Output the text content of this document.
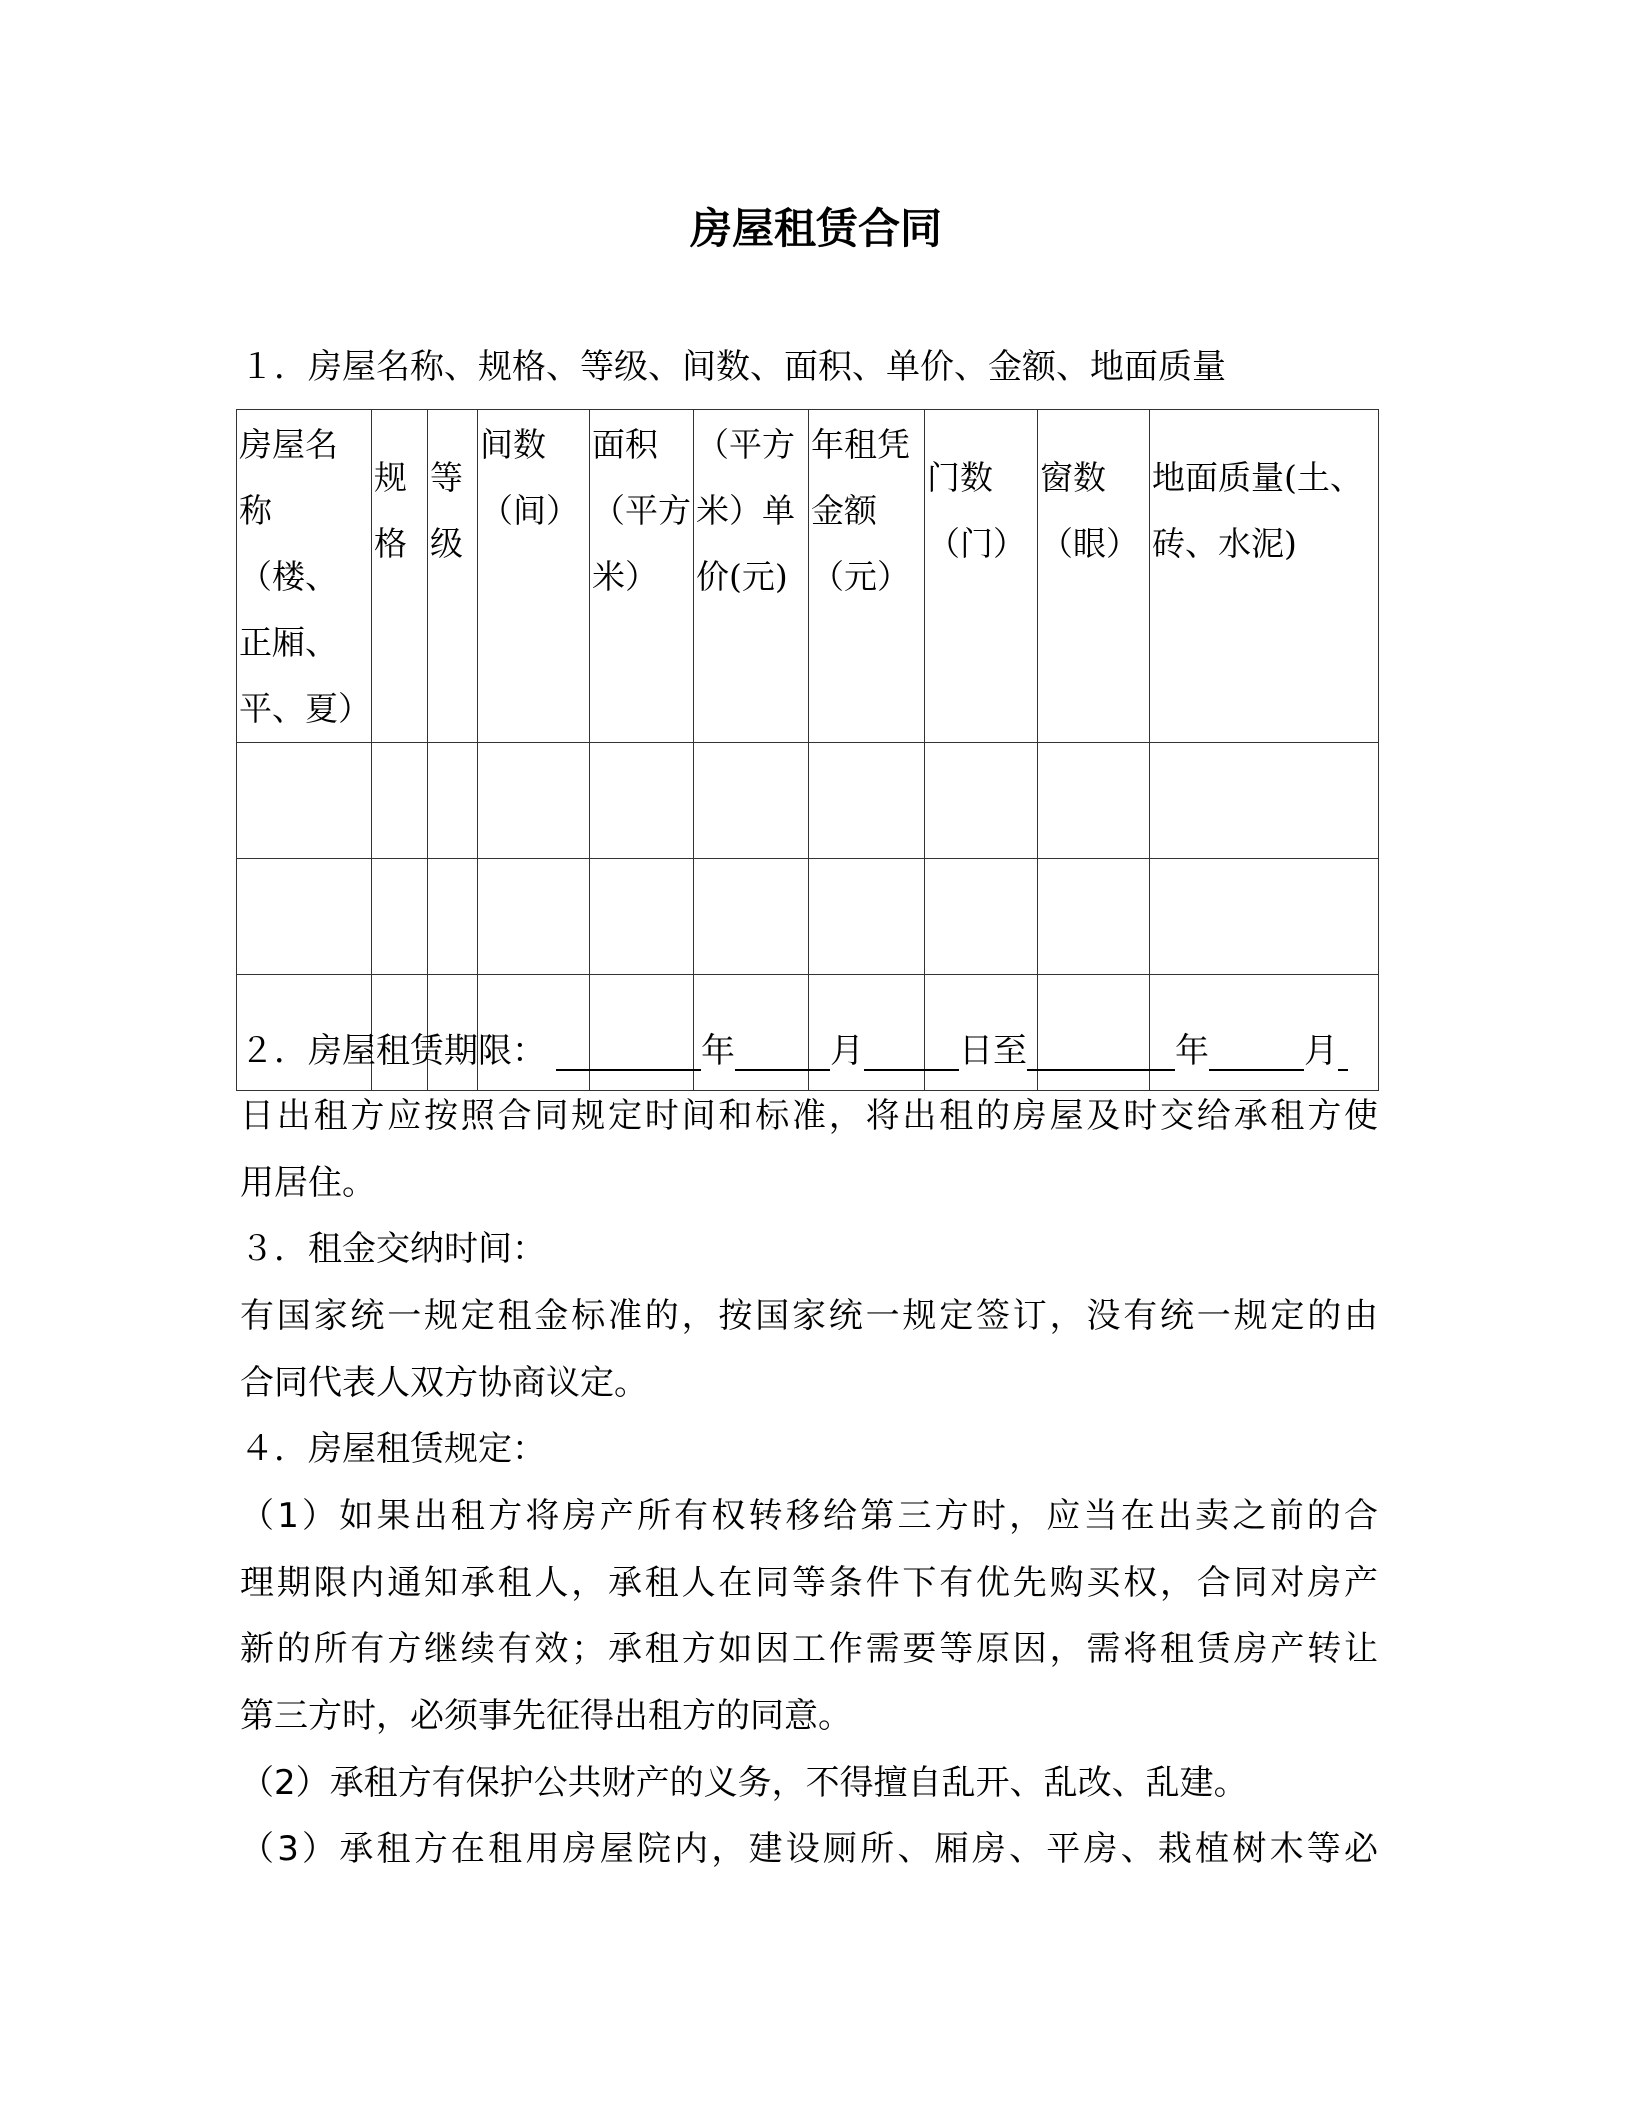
房屋租赁合同
１．房屋名称、规格、等级、间数、面积、单价、金额、地面质量
房屋名称（楼、正厢、平、夏）	规格	等级	间数（间）	面积（平方米）	（平方米）单价(元)	年租凭金额（元）	门数（门）	窗数（眼）	地面质量(土、砖、水泥)

２．房屋租赁期限：	年	月	日至	年	月
日出租方应按照合同规定时间和标准，将出租的房屋及时交给承租方使
用居住。
３．租金交纳时间：
有国家统一规定租金标准的，按国家统一规定签订，没有统一规定的由
合同代表人双方协商议定。
４．房屋租赁规定：
（1）如果出租方将房产所有权转移给第三方时，应当在出卖之前的合
理期限内通知承租人，承租人在同等条件下有优先购买权，合同对房产
新的所有方继续有效；承租方如因工作需要等原因，需将租赁房产转让
第三方时，必须事先征得出租方的同意。
（2）承租方有保护公共财产的义务，不得擅自乱开、乱改、乱建。
（3）承租方在租用房屋院内，建设厕所、厢房、平房、栽植树木等必
